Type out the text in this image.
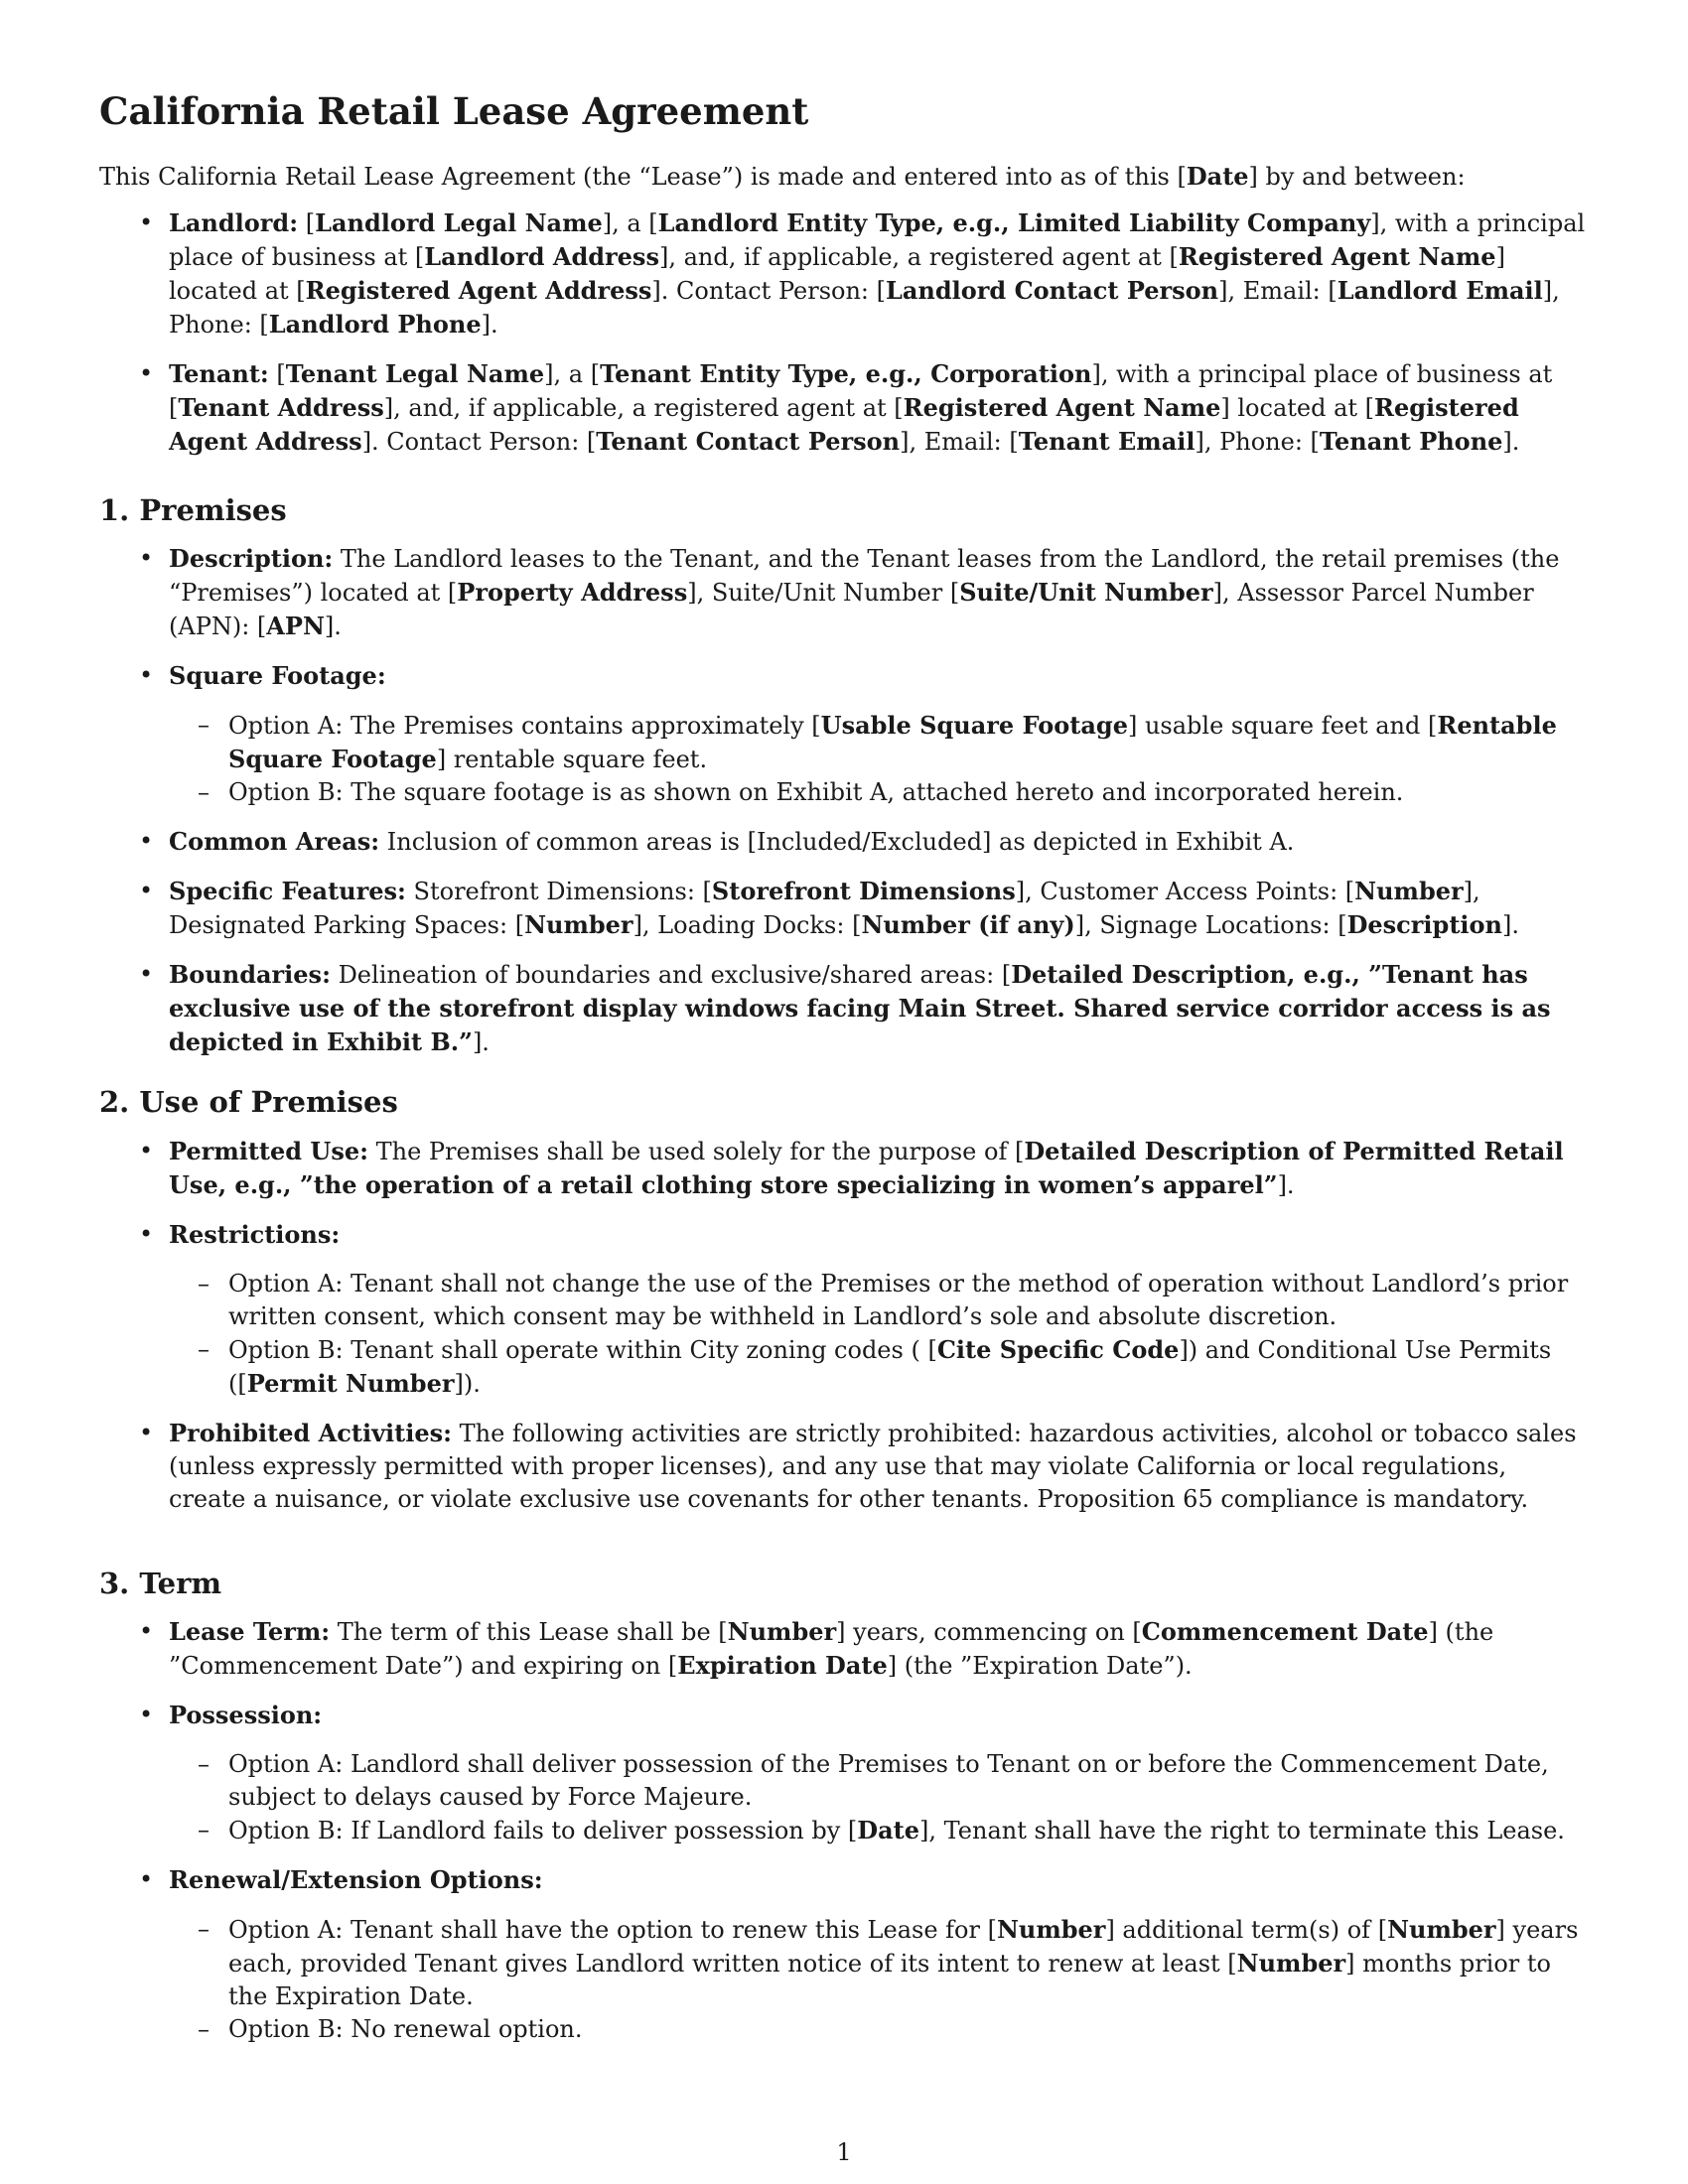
California Retail Lease Agreement

This California Retail Lease Agreement (the “Lease”) is made and entered into as of this [Date] by and between:

• Landlord: [Landlord Legal Name], a [Landlord Entity Type, e.g., Limited Liability Company], with a principal place of business at [Landlord Address], and, if applicable, a registered agent at [Registered Agent Name] located at [Registered Agent Address]. Contact Person: [Landlord Contact Person], Email: [Landlord Email], Phone: [Landlord Phone].
• Tenant: [Tenant Legal Name], a [Tenant Entity Type, e.g., Corporation], with a principal place of business at [Tenant Address], and, if applicable, a registered agent at [Registered Agent Name] located at [Registered Agent Address]. Contact Person: [Tenant Contact Person], Email: [Tenant Email], Phone: [Tenant Phone].
1. Premises
• Description: The Landlord leases to the Tenant, and the Tenant leases from the Landlord, the retail premises (the “Premises”) located at [Property Address], Suite/Unit Number [Suite/Unit Number], Assessor Parcel Number (APN): [APN].
• Square Footage:
– Option A: The Premises contains approximately [Usable Square Footage] usable square feet and [Rentable Square Footage] rentable square feet.
– Option B: The square footage is as shown on Exhibit A, attached hereto and incorporated herein.
• Common Areas: Inclusion of common areas is [Included/Excluded] as depicted in Exhibit A.
• Specific Features: Storefront Dimensions: [Storefront Dimensions], Customer Access Points: [Number], Designated Parking Spaces: [Number], Loading Docks: [Number (if any)], Signage Locations: [Description].
• Boundaries: Delineation of boundaries and exclusive/shared areas: [Detailed Description, e.g., ”Tenant has exclusive use of the storefront display windows facing Main Street. Shared service corridor access is as depicted in Exhibit B.”].
2. Use of Premises
• Permitted Use: The Premises shall be used solely for the purpose of [Detailed Description of Permitted Retail Use, e.g., ”the operation of a retail clothing store specializing in women’s apparel”].
• Restrictions:
– Option A: Tenant shall not change the use of the Premises or the method of operation without Landlord’s prior written consent, which consent may be withheld in Landlord’s sole and absolute discretion.
– Option B: Tenant shall operate within City zoning codes ( [Cite Specific Code]) and Conditional Use Permits ([Permit Number]).
• Prohibited Activities: The following activities are strictly prohibited: hazardous activities, alcohol or tobacco sales (unless expressly permitted with proper licenses), and any use that may violate California or local regulations, create a nuisance, or violate exclusive use covenants for other tenants. Proposition 65 compliance is mandatory.
3. Term
• Lease Term: The term of this Lease shall be [Number] years, commencing on [Commencement Date] (the ”Commencement Date”) and expiring on [Expiration Date] (the ”Expiration Date”).
• Possession:
– Option A: Landlord shall deliver possession of the Premises to Tenant on or before the Commencement Date, subject to delays caused by Force Majeure.
– Option B: If Landlord fails to deliver possession by [Date], Tenant shall have the right to terminate this Lease.
• Renewal/Extension Options:
– Option A: Tenant shall have the option to renew this Lease for [Number] additional term(s) of [Number] years each, provided Tenant gives Landlord written notice of its intent to renew at least [Number] months prior to the Expiration Date.
– Option B: No renewal option.
1
